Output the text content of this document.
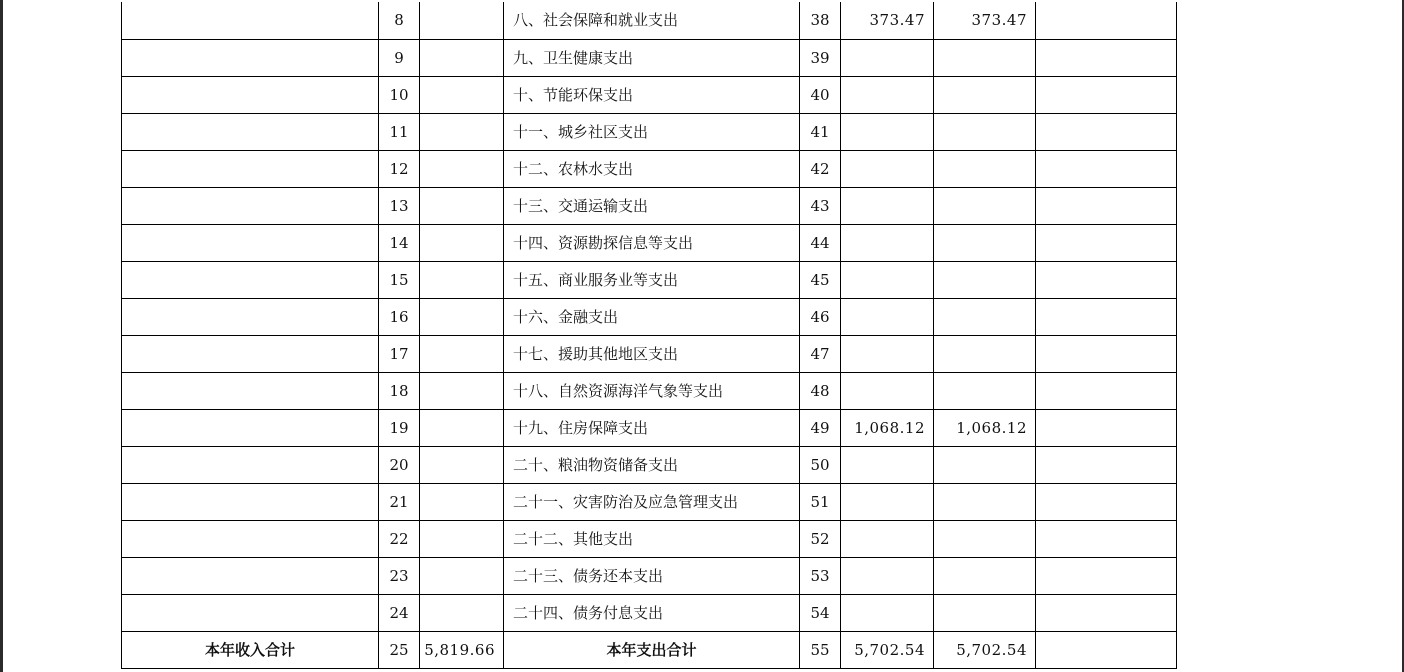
	8		八、社会保障和就业支出	38	373.47	373.47	
	9		九、卫生健康支出	39			
	10		十、节能环保支出	40			
	11		十一、城乡社区支出	41			
	12		十二、农林水支出	42			
	13		十三、交通运输支出	43			
	14		十四、资源勘探信息等支出	44			
	15		十五、商业服务业等支出	45			
	16		十六、金融支出	46			
	17		十七、援助其他地区支出	47			
	18		十八、自然资源海洋气象等支出	48			
	19		十九、住房保障支出	49	1,068.12	1,068.12	
	20		二十、粮油物资储备支出	50			
	21		二十一、灾害防治及应急管理支出	51			
	22		二十二、其他支出	52			
	23		二十三、债务还本支出	53			
	24		二十四、债务付息支出	54			
本年收入合计	25	5,819.66	本年支出合计	55	5,702.54	5,702.54	
